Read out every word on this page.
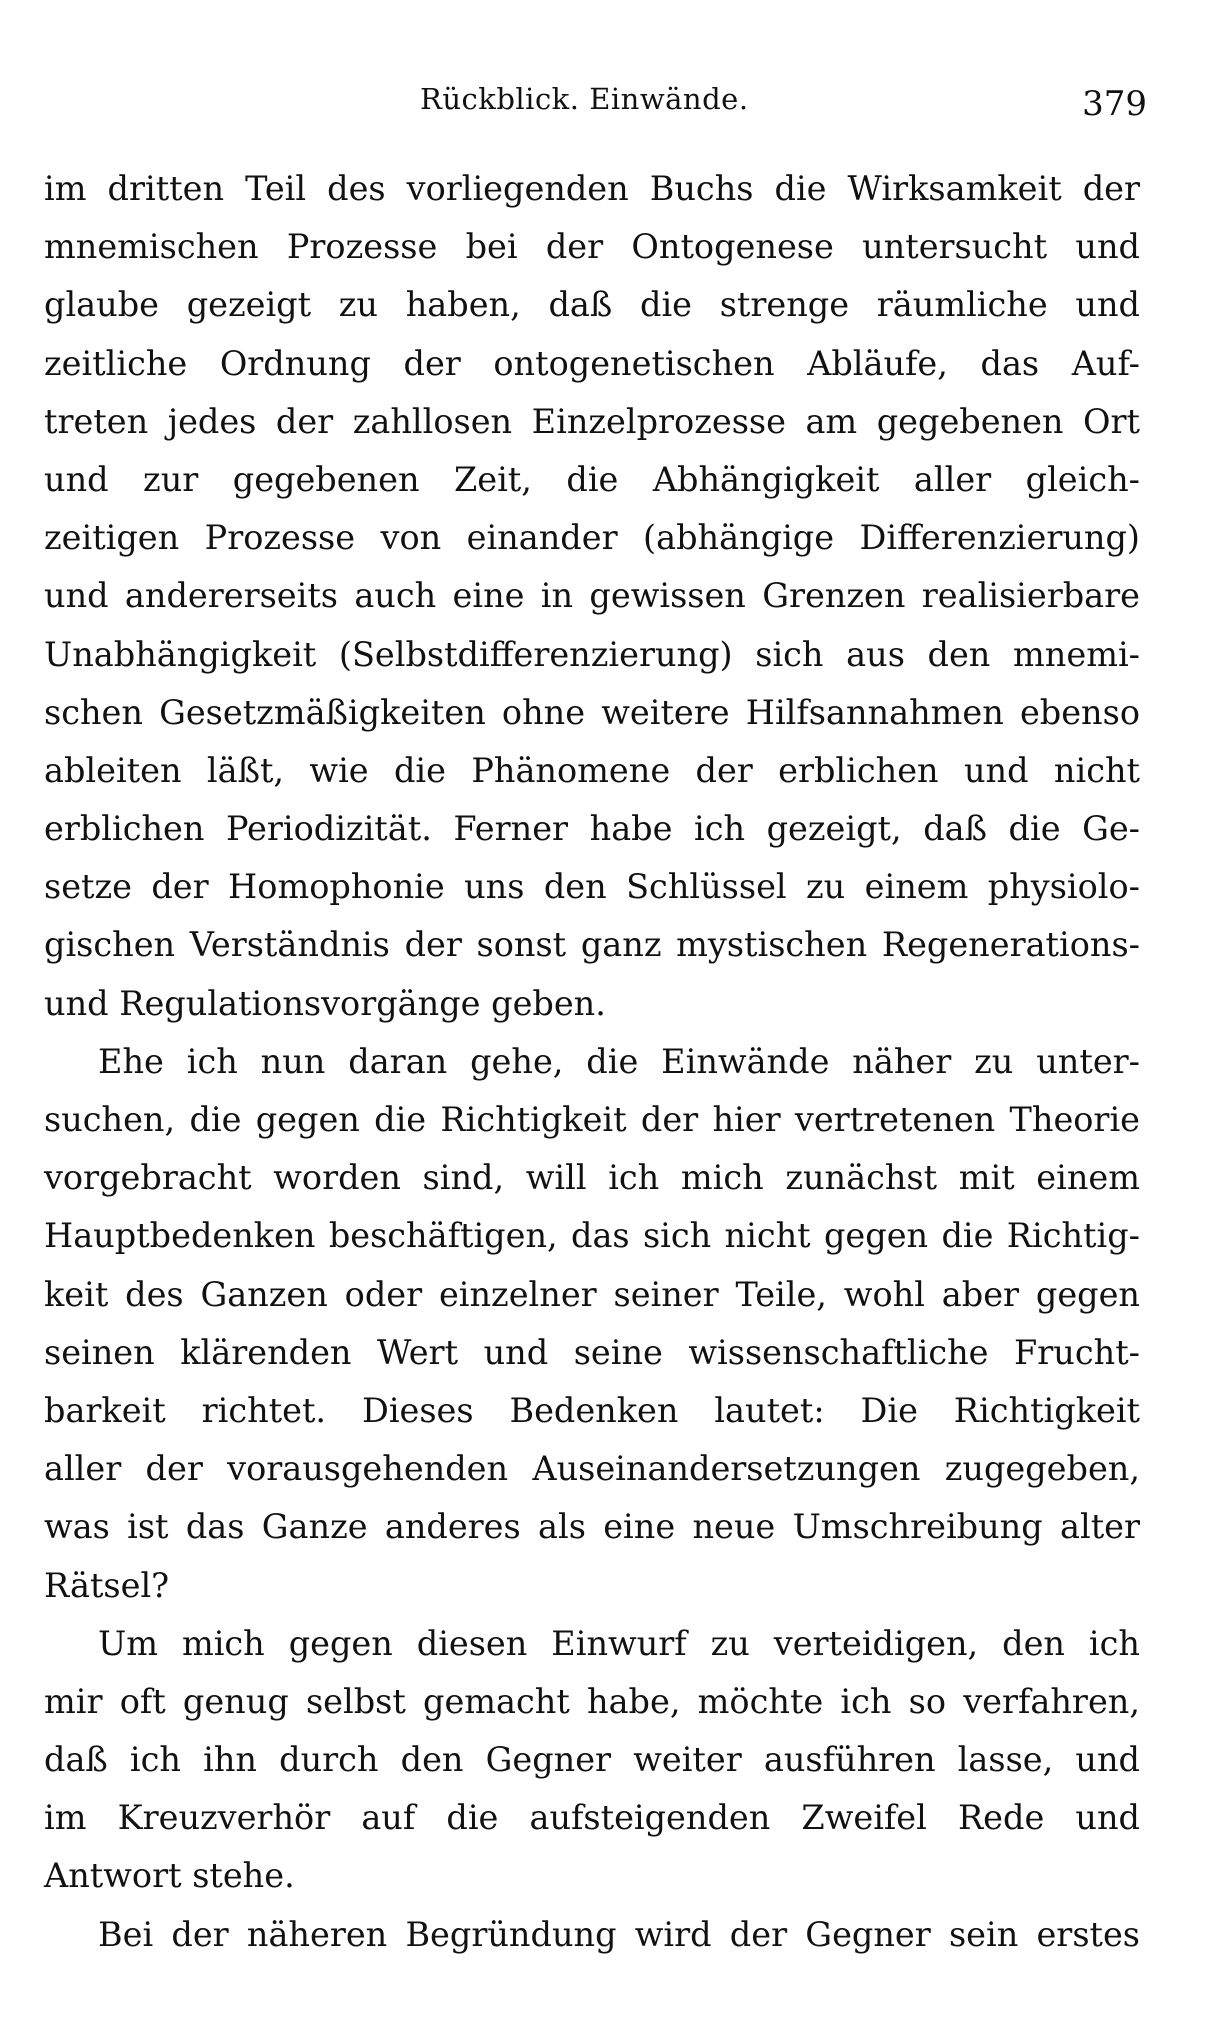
Rückblick. Einwände.	379
im dritten Teil des vorliegenden Buchs die Wirksamkeit der
mnemischen Prozesse bei der Ontogenese untersucht und
glaube gezeigt zu haben, daß die strenge räumliche und
zeitliche Ordnung der ontogenetischen Abläufe, das Auf-
treten jedes der zahllosen Einzelprozesse am gegebenen Ort
und zur gegebenen Zeit, die Abhängigkeit aller gleich-
zeitigen Prozesse von einander (abhängige Differenzierung)
und andererseits auch eine in gewissen Grenzen realisierbare
Unabhängigkeit (Selbstdifferenzierung) sich aus den mnemi-
schen Gesetzmäßigkeiten ohne weitere Hilfsannahmen ebenso
ableiten läßt, wie die Phänomene der erblichen und nicht
erblichen Periodizität. Ferner habe ich gezeigt, daß die Ge-
setze der Homophonie uns den Schlüssel zu einem physiolo-
gischen Verständnis der sonst ganz mystischen Regenerations-
und Regulationsvorgänge geben.
Ehe ich nun daran gehe, die Einwände näher zu unter-
suchen, die gegen die Richtigkeit der hier vertretenen Theorie
vorgebracht worden sind, will ich mich zunächst mit einem
Hauptbedenken beschäftigen, das sich nicht gegen die Richtig-
keit des Ganzen oder einzelner seiner Teile, wohl aber gegen
seinen klärenden Wert und seine wissenschaftliche Frucht-
barkeit richtet. Dieses Bedenken lautet: Die Richtigkeit
aller der vorausgehenden Auseinandersetzungen zugegeben,
was ist das Ganze anderes als eine neue Umschreibung alter
Rätsel?
Um mich gegen diesen Einwurf zu verteidigen, den ich
mir oft genug selbst gemacht habe, möchte ich so verfahren,
daß ich ihn durch den Gegner weiter ausführen lasse, und
im Kreuzverhör auf die aufsteigenden Zweifel Rede und
Antwort stehe.
Bei der näheren Begründung wird der Gegner sein erstes
